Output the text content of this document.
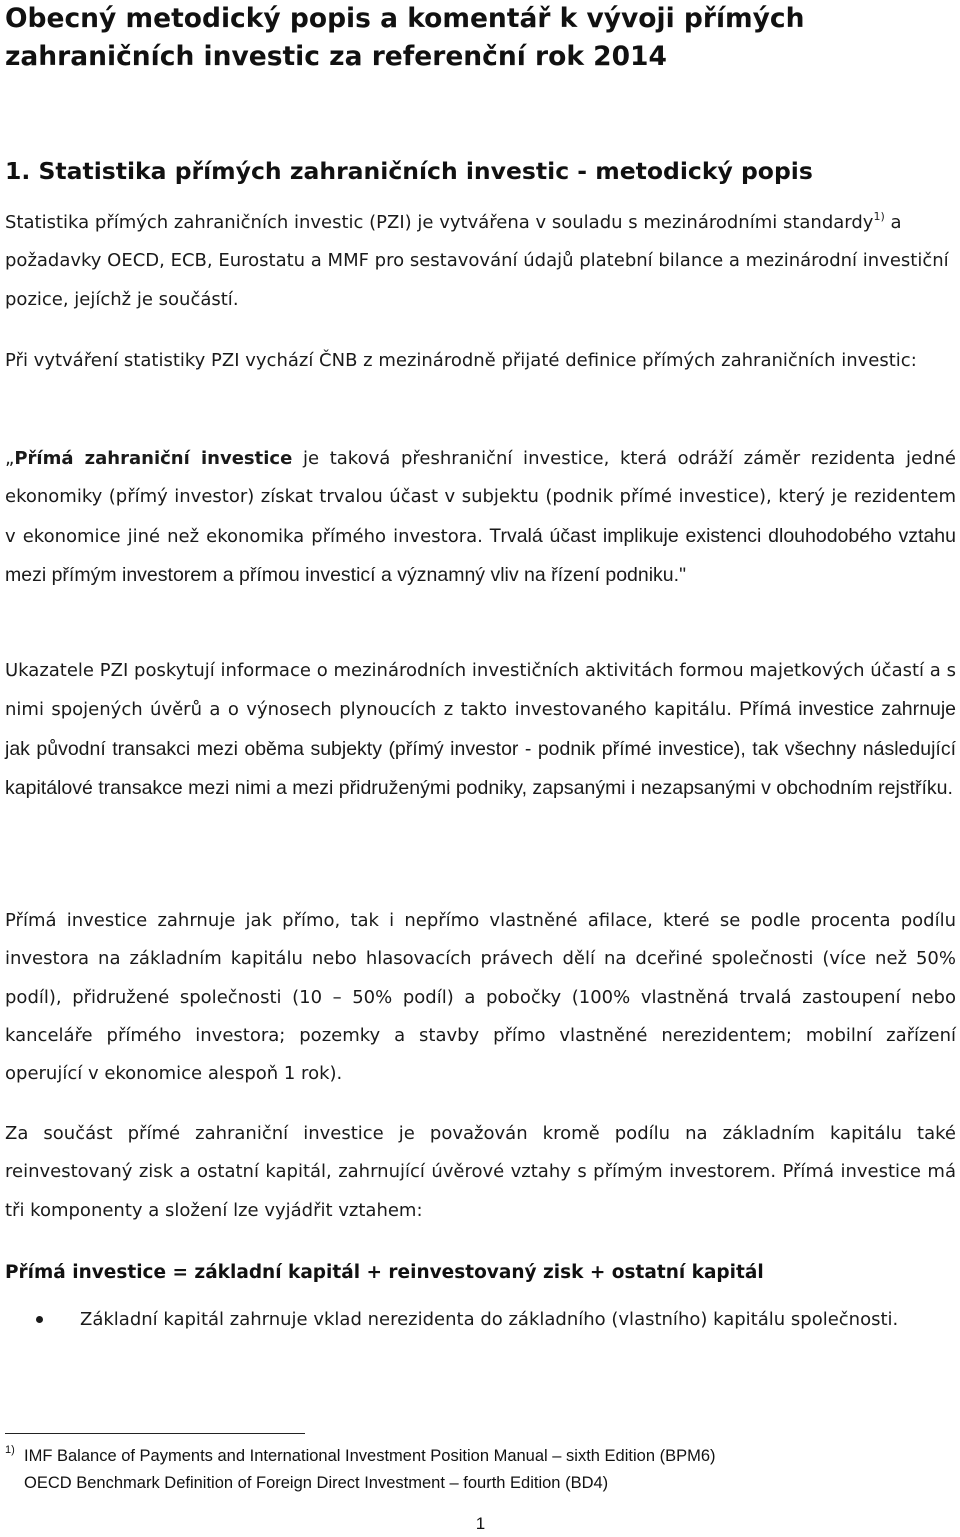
Obecný metodický popis a komentář k vývoji přímých zahraničních investic za referenční rok 2014
1. Statistika přímých zahraničních investic - metodický popis

Statistika přímých zahraničních investic (PZI) je vytvářena v souladu s mezinárodními standardy$^{1)}$ a požadavky OECD, ECB, Eurostatu a MMF pro sestavování údajů platební bilance a mezinárodní investiční pozice, jejíchž je součástí.

Při vytváření statistiky PZI vychází ČNB z mezinárodně přijaté definice přímých zahraničních investic:

„Přímá zahraniční investice je taková přeshraniční investice, která odráží záměr rezidenta jedné ekonomiky (přímý investor) získat trvalou účast v subjektu (podnik přímé investice), který je rezidentem v ekonomice jiné než ekonomika přímého investora. Trvalá účast implikuje existenci dlouhodobého vztahu mezi přímým investorem a přímou investicí a významný vliv na řízení podniku."

Ukazatele PZI poskytují informace o mezinárodních investičních aktivitách formou majetkových účastí a s nimi spojených úvěrů a o výnosech plynoucích z takto investovaného kapitálu. Přímá investice zahrnuje jak původní transakci mezi oběma subjekty (přímý investor - podnik přímé investice), tak všechny následující kapitálové transakce mezi nimi a mezi přidruženými podniky, zapsanými i nezapsanými v obchodním rejstříku.

Přímá investice zahrnuje jak přímo, tak i nepřímo vlastněné afilace, které se podle procenta podílu investora na základním kapitálu nebo hlasovacích právech dělí na dceřiné společnosti (více než 50% podíl), přidružené společnosti (10 – 50% podíl) a pobočky (100% vlastněná trvalá zastoupení nebo kanceláře přímého investora; pozemky a stavby přímo vlastněné nerezidentem; mobilní zařízení operující v ekonomice alespoň 1 rok).

Za součást přímé zahraniční investice je považován kromě podílu na základním kapitálu také reinvestovaný zisk a ostatní kapitál, zahrnující úvěrové vztahy s přímým investorem. Přímá investice má tři komponenty a složení lze vyjádřit vztahem:

Přímá investice = základní kapitál + reinvestovaný zisk + ostatní kapitál

Základní kapitál zahrnuje vklad nerezidenta do základního (vlastního) kapitálu společnosti.
1) IMF Balance of Payments and International Investment Position Manual – sixth Edition (BPM6)
OECD Benchmark Definition of Foreign Direct Investment – fourth Edition (BD4)
1
